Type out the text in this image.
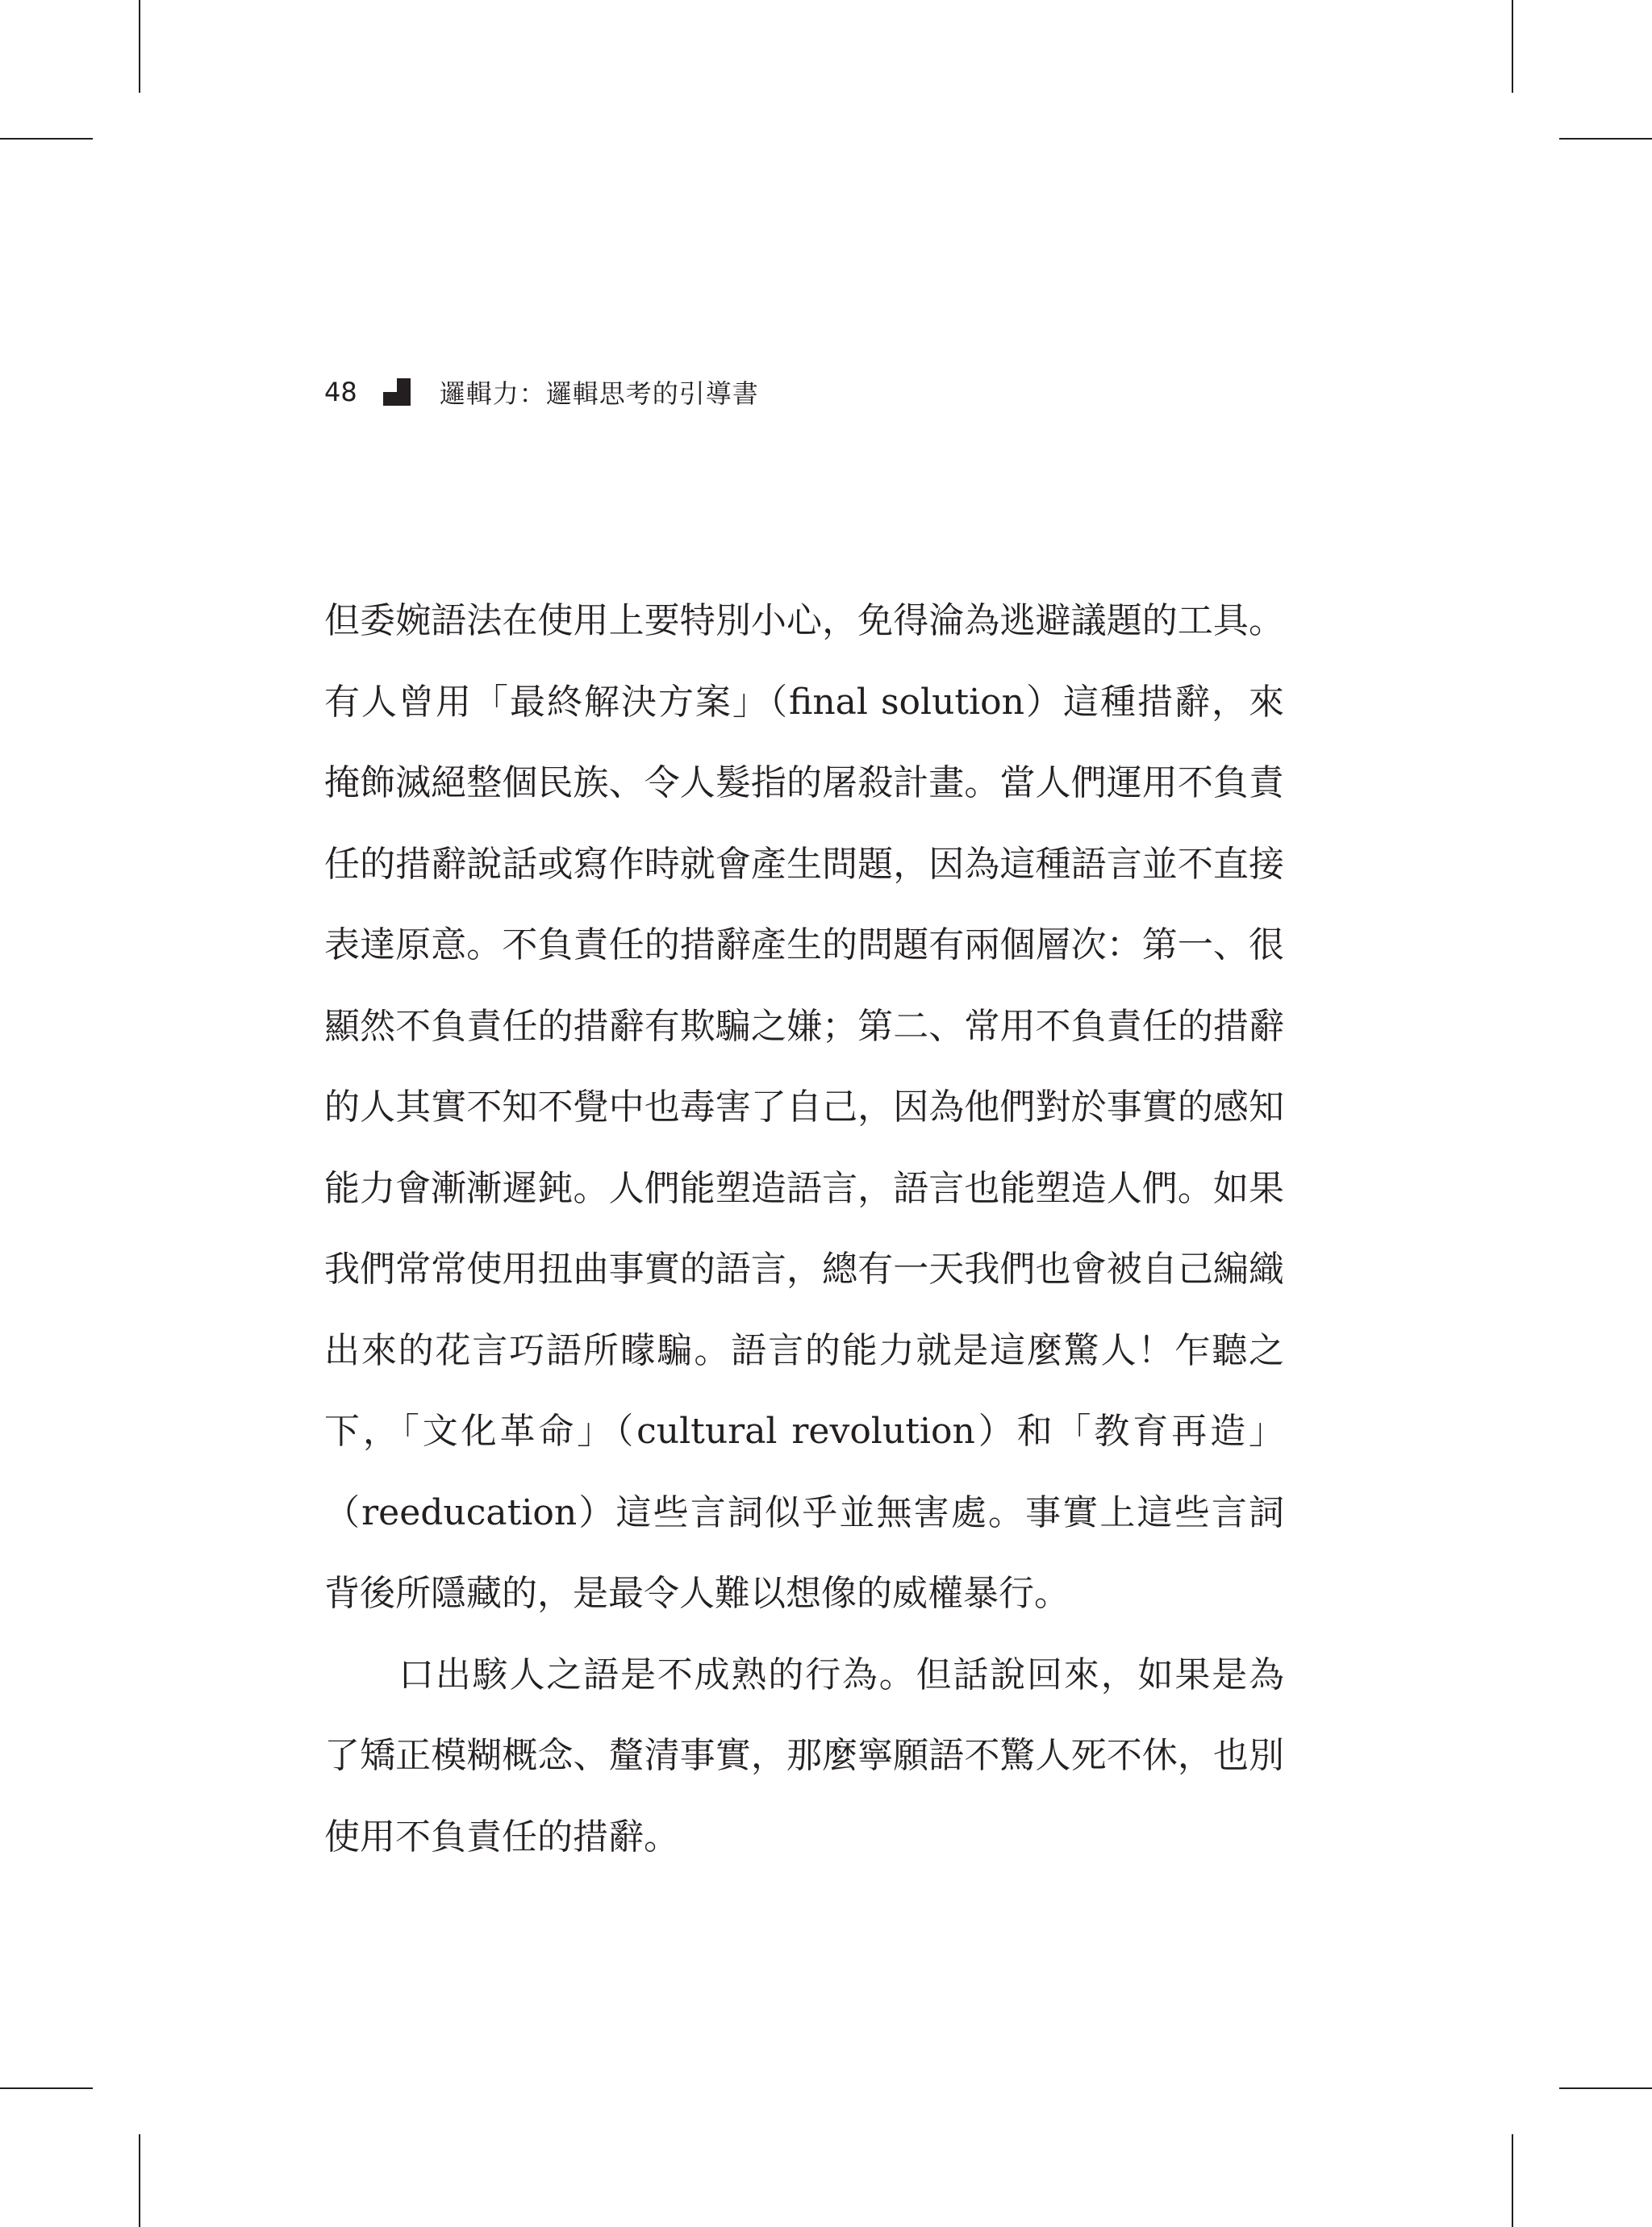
48	邏輯力：邏輯思考的引導書

但委婉語法在使用上要特別小心，免得淪為逃避議題的工具。有人曾用「最終解決方案」（final solution）這種措辭，來掩飾滅絕整個民族、令人髮指的屠殺計畫。當人們運用不負責任的措辭說話或寫作時就會產生問題，因為這種語言並不直接表達原意。不負責任的措辭產生的問題有兩個層次：第一、很顯然不負責任的措辭有欺騙之嫌；第二、常用不負責任的措辭的人其實不知不覺中也毒害了自己，因為他們對於事實的感知能力會漸漸遲鈍。人們能塑造語言，語言也能塑造人們。如果我們常常使用扭曲事實的語言，總有一天我們也會被自己編織出來的花言巧語所矇騙。語言的能力就是這麼驚人！乍聽之下，「文化革命」（cultural revolution）和「教育再造」（reeducation）這些言詞似乎並無害處。事實上這些言詞背後所隱藏的，是最令人難以想像的威權暴行。

口出駭人之語是不成熟的行為。但話說回來，如果是為了矯正模糊概念、釐清事實，那麼寧願語不驚人死不休，也別使用不負責任的措辭。
